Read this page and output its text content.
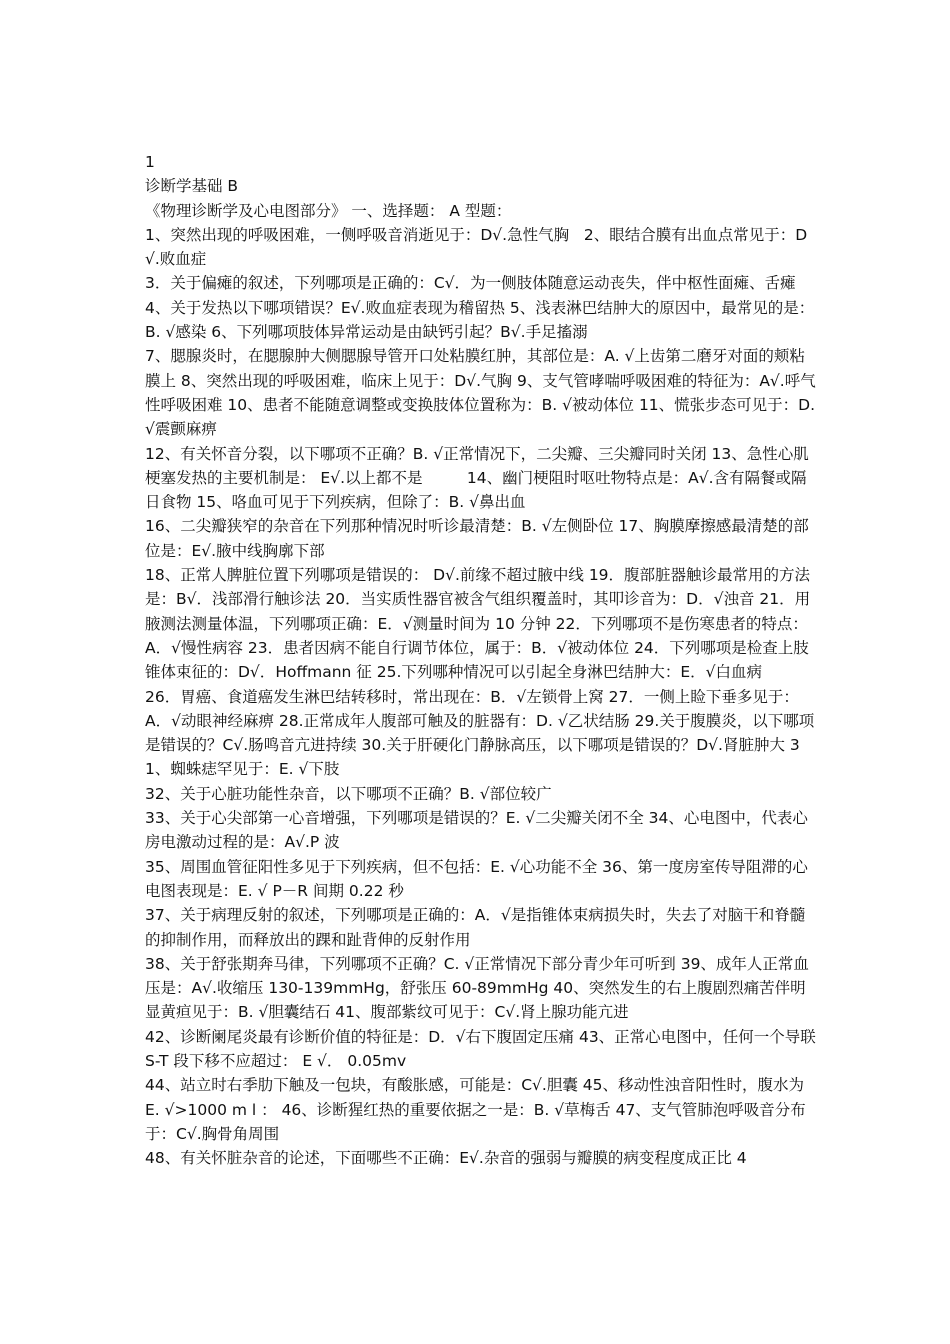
1
诊断学基础 B
《物理诊断学及心电图部分》 一、选择题： A 型题：
1、突然出现的呼吸困难，一侧呼吸音消逝见于：D√.急性气胸   2、眼结合膜有出血点常见于：D√.败血症
3．关于偏瘫的叙述，下列哪项是正确的：C√．为一侧肢体随意运动丧失，伴中枢性面瘫、舌瘫 4、关于发热以下哪项错误？E√.败血症表现为稽留热 5、浅表淋巴结肿大的原因中，最常见的是：B. √感染 6、下列哪项肢体异常运动是由缺钙引起？B√.手足搐溺
7、腮腺炎时，在腮腺肿大侧腮腺导管开口处粘膜红肿，其部位是：A. √上齿第二磨牙对面的颊粘膜上 8、突然出现的呼吸困难，临床上见于：D√.气胸 9、支气管哮喘呼吸困难的特征为：A√.呼气性呼吸困难 10、患者不能随意调整或变换肢体位置称为：B. √被动体位 11、慌张步态可见于：D. √震颤麻痹
12、有关怀音分裂，以下哪项不正确？B. √正常情况下，二尖瓣、三尖瓣同时关闭 13、急性心肌梗塞发热的主要机制是： E√.以上都不是         14、幽门梗阻时呕吐物特点是：A√.含有隔餐或隔日食物 15、咯血可见于下列疾病，但除了：B. √鼻出血
16、二尖瓣狭窄的杂音在下列那种情况时听诊最清楚：B. √左侧卧位 17、胸膜摩擦感最清楚的部位是：E√.腋中线胸廓下部
18、正常人脾脏位置下列哪项是错误的： D√.前缘不超过腋中线 19．腹部脏器触诊最常用的方法是：B√．浅部滑行触诊法 20．当实质性器官被含气组织覆盖时，其叩诊音为：D．√浊音 21．用腋测法测量体温，下列哪项正确：E．√测量时间为 10 分钟 22．下列哪项不是伤寒患者的特点：A．√慢性病容 23．患者因病不能自行调节体位，属于：B．√被动体位 24．下列哪项是检查上肢锥体束征的：D√．Hoffmann 征 25.下列哪种情况可以引起全身淋巴结肿大：E．√白血病
26．胃癌、食道癌发生淋巴结转移时，常出现在：B．√左锁骨上窝 27．一侧上睑下垂多见于：A．√动眼神经麻痹 28.正常成年人腹部可触及的脏器有：D. √乙状结肠 29.关于腹膜炎，以下哪项是错误的？C√.肠鸣音亢进持续 30.关于肝硬化门静脉高压，以下哪项是错误的？D√.肾脏肿大 31、蜘蛛痣罕见于：E. √下肢
32、关于心脏功能性杂音，以下哪项不正确？B. √部位较广
33、关于心尖部第一心音增强，下列哪项是错误的？E. √二尖瓣关闭不全 34、心电图中，代表心房电激动过程的是：A√.P 波
35、周围血管征阳性多见于下列疾病，但不包括：E. √心功能不全 36、第一度房室传导阻滞的心电图表现是：E. √ P－R 间期 0.22 秒
37、关于病理反射的叙述，下列哪项是正确的：A．√是指锥体束病损失时，失去了对脑干和脊髓的抑制作用，而释放出的踝和趾背伸的反射作用
38、关于舒张期奔马律，下列哪项不正确？C. √正常情况下部分青少年可听到 39、成年人正常血压是：A√.收缩压 130-139mmHg，舒张压 60-89mmHg 40、突然发生的右上腹剧烈痛苦伴明显黄疸见于：B. √胆囊结石 41、腹部紫纹可见于：C√.肾上腺功能亢进
42、诊断阑尾炎最有诊断价值的特征是：D．√右下腹固定压痛 43、正常心电图中，任何一个导联 S-T 段下移不应超过： E √． 0.05mv
44、站立时右季肋下触及一包块，有酸胀感，可能是：C√.胆囊 45、移动性浊音阳性时，腹水为 E. √>1000 m l ： 46、诊断猩红热的重要依据之一是：B. √草梅舌 47、支气管肺泡呼吸音分布于：C√.胸骨角周围
48、有关怀脏杂音的论述，下面哪些不正确：E√.杂音的强弱与瓣膜的病变程度成正比 4
